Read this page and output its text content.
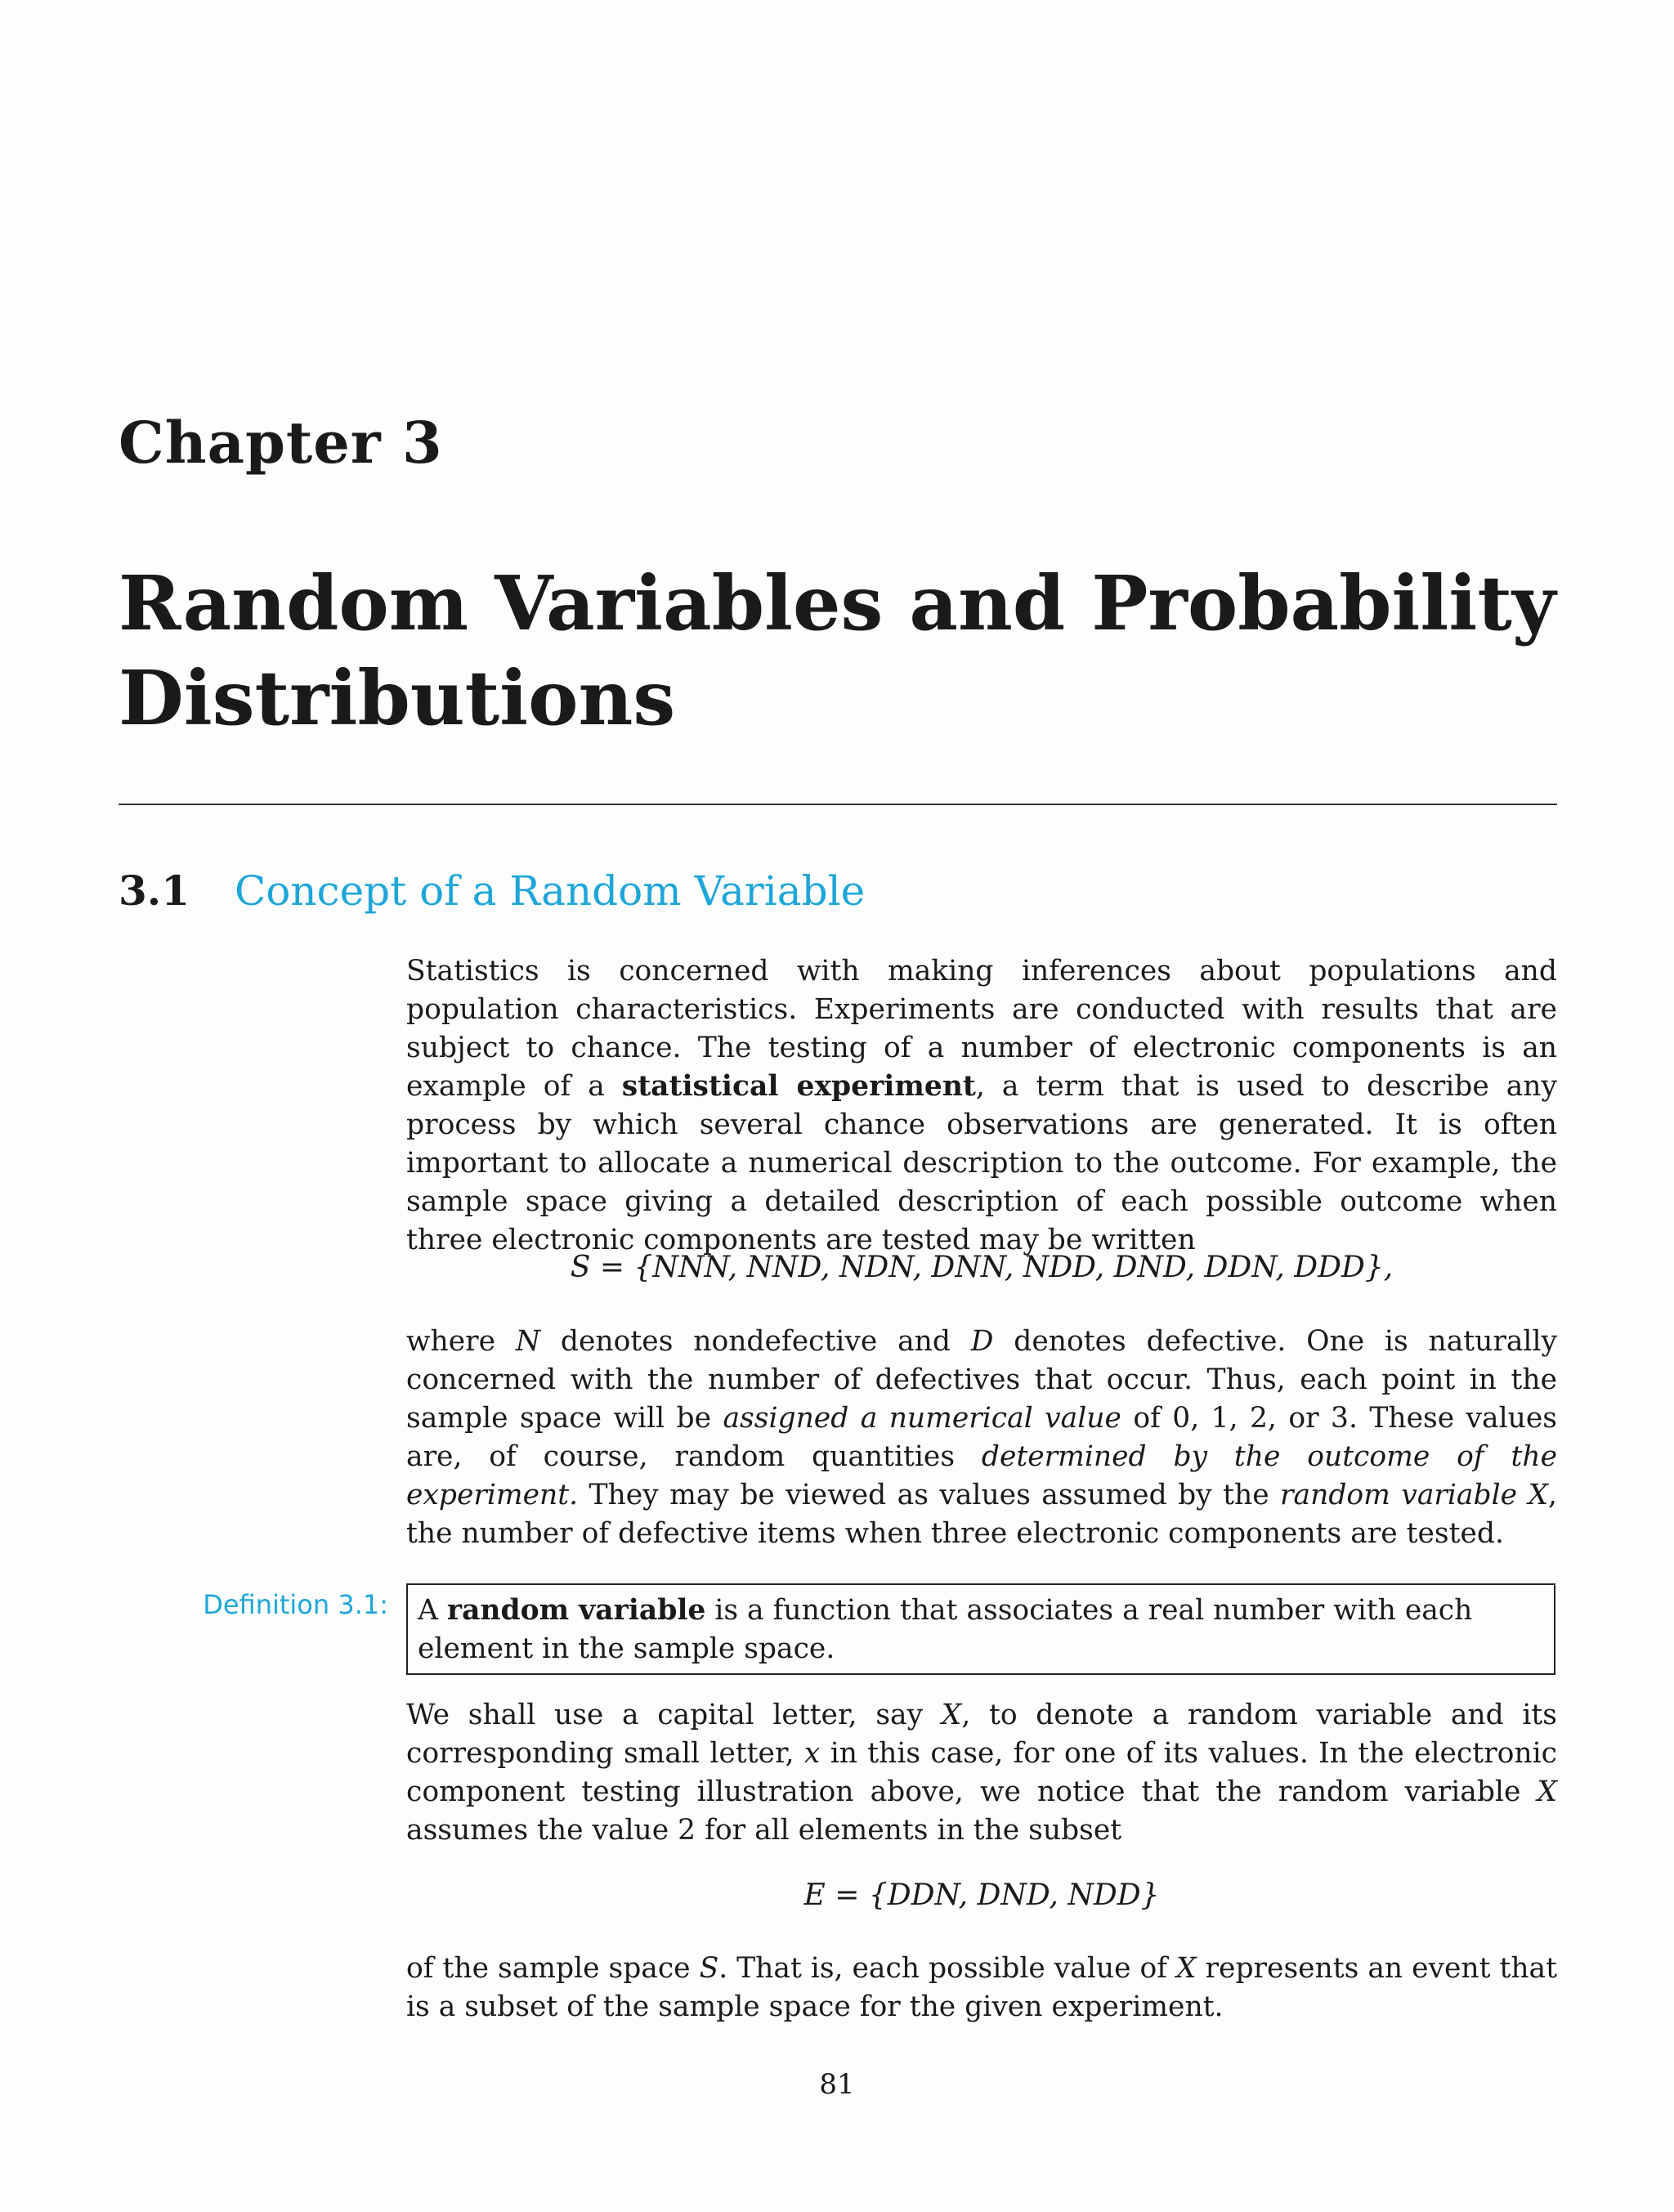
Chapter 3
Random Variables and Probability Distributions
3.1 Concept of a Random Variable

Statistics is concerned with making inferences about populations and population characteristics. Experiments are conducted with results that are subject to chance. The testing of a number of electronic components is an example of a statistical experiment, a term that is used to describe any process by which several chance observations are generated. It is often important to allocate a numerical description to the outcome. For example, the sample space giving a detailed description of each possible outcome when three electronic components are tested may be written

S = {NNN, NND, NDN, DNN, NDD, DND, DDN, DDD},

where N denotes nondefective and D denotes defective. One is naturally concerned with the number of defectives that occur. Thus, each point in the sample space will be assigned a numerical value of 0, 1, 2, or 3. These values are, of course, random quantities determined by the outcome of the experiment. They may be viewed as values assumed by the random variable X, the number of defective items when three electronic components are tested.

Definition 3.1:	A random variable is a function that associates a real number with each element in the sample space.

We shall use a capital letter, say X, to denote a random variable and its corresponding small letter, x in this case, for one of its values. In the electronic component testing illustration above, we notice that the random variable X assumes the value 2 for all elements in the subset

E = {DDN, DND, NDD}

of the sample space S. That is, each possible value of X represents an event that is a subset of the sample space for the given experiment.

81
